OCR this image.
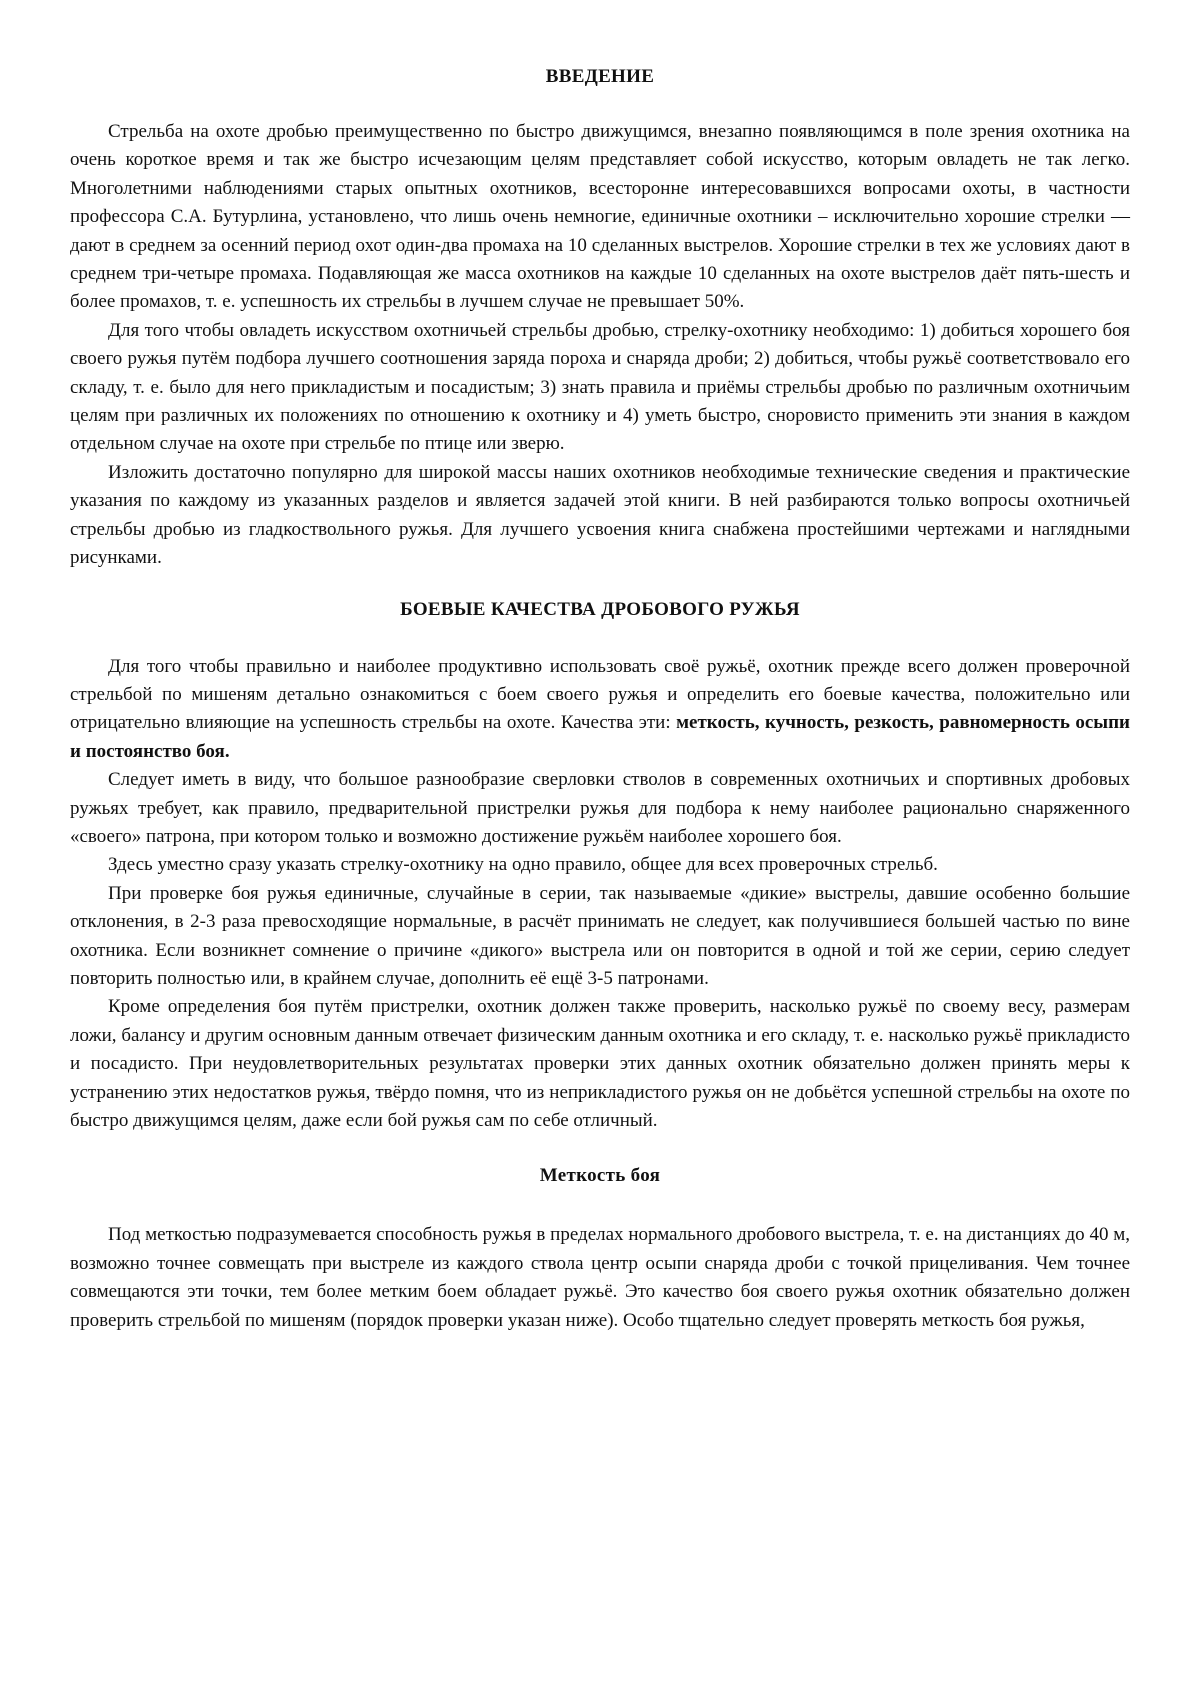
ВВЕДЕНИЕ

Стрельба на охоте дробью преимущественно по быстро движущимся, внезапно появляющимся в поле зрения охотника на очень короткое время и так же быстро исчезающим целям представляет собой искусство, которым овладеть не так легко. Многолетними наблюдениями старых опытных охотников, всесторонне интересовавшихся вопросами охоты, в частности профессора С.А. Бутурлина, установлено, что лишь очень немногие, единичные охотники – исключительно хорошие стрелки — дают в среднем за осенний период охот один-два промаха на 10 сделанных выстрелов. Хорошие стрелки в тех же условиях дают в среднем три-четыре промаха. Подавляющая же масса охотников на каждые 10 сделанных на охоте выстрелов даёт пять-шесть и более промахов, т. е. успешность их стрельбы в лучшем случае не превышает 50%.

Для того чтобы овладеть искусством охотничьей стрельбы дробью, стрелку-охотнику необходимо: 1) добиться хорошего боя своего ружья путём подбора лучшего соотношения заряда пороха и снаряда дроби; 2) добиться, чтобы ружьё соответствовало его складу, т. е. было для него прикладистым и посадистым; 3) знать правила и приёмы стрельбы дробью по различным охотничьим целям при различных их положениях по отношению к охотнику и 4) уметь быстро, сноровисто применить эти знания в каждом отдельном случае на охоте при стрельбе по птице или зверю.

Изложить достаточно популярно для широкой массы наших охотников необходимые технические сведения и практические указания по каждому из указанных разделов и является задачей этой книги. В ней разбираются только вопросы охотничьей стрельбы дробью из гладкоствольного ружья. Для лучшего усвоения книга снабжена простейшими чертежами и наглядными рисунками.

БОЕВЫЕ КАЧЕСТВА ДРОБОВОГО РУЖЬЯ

Для того чтобы правильно и наиболее продуктивно использовать своё ружьё, охотник прежде всего должен проверочной стрельбой по мишеням детально ознакомиться с боем своего ружья и определить его боевые качества, положительно или отрицательно влияющие на успешность стрельбы на охоте. Качества эти: меткость, кучность, резкость, равномерность осыпи и постоянство боя.

Следует иметь в виду, что большое разнообразие сверловки стволов в современных охотничьих и спортивных дробовых ружьях требует, как правило, предварительной пристрелки ружья для подбора к нему наиболее рационально снаряженного «своего» патрона, при котором только и возможно достижение ружьём наиболее хорошего боя.

Здесь уместно сразу указать стрелку-охотнику на одно правило, общее для всех проверочных стрельб.

При проверке боя ружья единичные, случайные в серии, так называемые «дикие» выстрелы, давшие особенно большие отклонения, в 2-3 раза превосходящие нормальные, в расчёт принимать не следует, как получившиеся большей частью по вине охотника. Если возникнет сомнение о причине «дикого» выстрела или он повторится в одной и той же серии, серию следует повторить полностью или, в крайнем случае, дополнить её ещё 3-5 патронами.

Кроме определения боя путём пристрелки, охотник должен также проверить, насколько ружьё по своему весу, размерам ложи, балансу и другим основным данным отвечает физическим данным охотника и его складу, т. е. насколько ружьё прикладисто и посадисто. При неудовлетворительных результатах проверки этих данных охотник обязательно должен принять меры к устранению этих недостатков ружья, твёрдо помня, что из неприкладистого ружья он не добьётся успешной стрельбы на охоте по быстро движущимся целям, даже если бой ружья сам по себе отличный.

Меткость боя

Под меткостью подразумевается способность ружья в пределах нормального дробового выстрела, т. е. на дистанциях до 40 м, возможно точнее совмещать при выстреле из каждого ствола центр осыпи снаряда дроби с точкой прицеливания. Чем точнее совмещаются эти точки, тем более метким боем обладает ружьё. Это качество боя своего ружья охотник обязательно должен проверить стрельбой по мишеням (порядок проверки указан ниже). Особо тщательно следует проверять меткость боя ружья,
